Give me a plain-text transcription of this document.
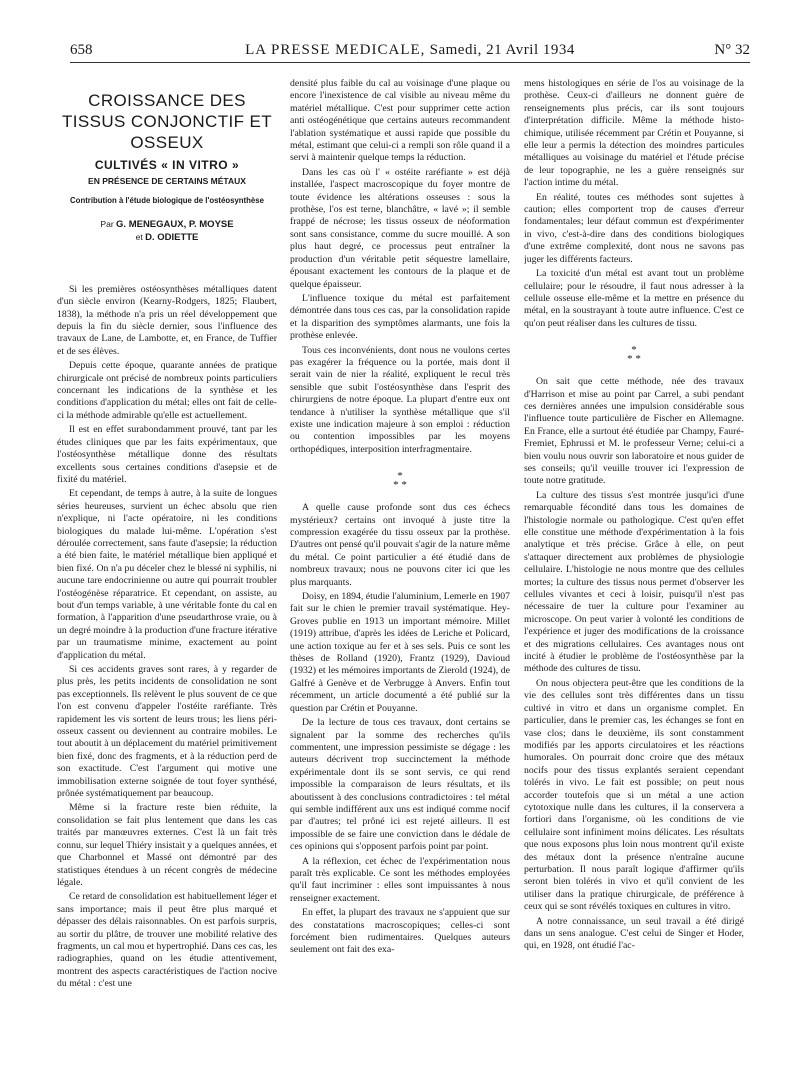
658	LA PRESSE MEDICALE, Samedi, 21 Avril 1934	N° 32
CROISSANCE DES TISSUS CONJONCTIF ET OSSEUX
CULTIVÉS « IN VITRO »
EN PRÉSENCE DE CERTAINS MÉTAUX
Contribution à l'étude biologique de l'ostéosynthèse
Par G. MENEGAUX, P. MOYSE
et D. ODIETTE

Si les premières ostéosynthèses métalliques datent d'un siècle environ (Kearny-Rodgers, 1825; Flaubert, 1838), la méthode n'a pris un réel développement que depuis la fin du siècle dernier, sous l'influence des travaux de Lane, de Lambotte, et, en France, de Tuffier et de ses élèves.

Depuis cette époque, quarante années de pratique chirurgicale ont précisé de nombreux points particuliers concernant les indications de la synthèse et les conditions d'application du métal; elles ont fait de celle-ci la méthode admirable qu'elle est actuellement.

Il est en effet surabondamment prouvé, tant par les études cliniques que par les faits expérimentaux, que l'ostéosynthèse métallique donne des résultats excellents sous certaines conditions d'asepsie et de fixité du matériel.

Et cependant, de temps à autre, à la suite de longues séries heureuses, survient un échec absolu que rien n'explique, ni l'acte opératoire, ni les conditions biologiques du malade lui-même. L'opération s'est déroulée correctement, sans faute d'asepsie; la réduction a été bien faite, le matériel métallique bien appliqué et bien fixé. On n'a pu déceler chez le blessé ni syphilis, ni aucune tare endocrinienne ou autre qui pourrait troubler l'ostéogénèse réparatrice. Et cependant, on assiste, au bout d'un temps variable, à une véritable fonte du cal en formation, à l'apparition d'une pseudarthrose vraie, ou à un degré moindre à la production d'une fracture itérative par un traumatisme minime, exactement au point d'application du métal.

Si ces accidents graves sont rares, à y regarder de plus près, les petits incidents de consolidation ne sont pas exceptionnels. Ils relèvent le plus souvent de ce que l'on est convenu d'appeler l'ostéite raréfiante. Très rapidement les vis sortent de leurs trous; les liens péri-osseux cassent ou deviennent au contraire mobiles. Le tout aboutit à un déplacement du matériel primitivement bien fixé, donc des fragments, et à la réduction perd de son exactitude. C'est l'argument qui motive une immobilisation externe soignée de tout foyer synthésé, prônée systématiquement par beaucoup.

Même si la fracture reste bien réduite, la consolidation se fait plus lentement que dans les cas traités par manœuvres externes. C'est là un fait très connu, sur lequel Thiéry insistait y a quelques années, et que Charbonnel et Massé ont démontré par des statistiques étendues à un récent congrès de médecine légale.

Ce retard de consolidation est habituellement léger et sans importance; mais il peut être plus marqué et dépasser des délais raisonnables. On est parfois surpris, au sortir du plâtre, de trouver une mobilité relative des fragments, un cal mou et hypertrophié. Dans ces cas, les radiographies, quand on les étudie attentivement, montrent des aspects caractéristiques de l'action nocive du métal : c'est une

densité plus faible du cal au voisinage d'une plaque ou encore l'inexistence de cal visible au niveau même du matériel métallique. C'est pour supprimer cette action anti ostéogénétique que certains auteurs recommandent l'ablation systématique et aussi rapide que possible du métal, estimant que celui-ci a rempli son rôle quand il a servi à maintenir quelque temps la réduction.

Dans les cas où l' « ostéite raréfiante » est déjà installée, l'aspect macroscopique du foyer montre de toute évidence les altérations osseuses : sous la prothèse, l'os est terne, blanchâtre, « lavé »; il semble frappé de nécrose; les tissus osseux de néoformation sont sans consistance, comme du sucre mouillé. A son plus haut degré, ce processus peut entraîner la production d'un véritable petit séquestre lamellaire, épousant exactement les contours de la plaque et de quelque épaisseur.

L'influence toxique du métal est parfaitement démontrée dans tous ces cas, par la consolidation rapide et la disparition des symptômes alarmants, une fois la prothèse enlevée.

Tous ces inconvénients, dont nous ne voulons certes pas exagérer la fréquence ou la portée, mais dont il serait vain de nier la réalité, expliquent le recul très sensible que subit l'ostéosynthèse dans l'esprit des chirurgiens de notre époque. La plupart d'entre eux ont tendance à n'utiliser la synthèse métallique que s'il existe une indication majeure à son emploi : réduction ou contention impossibles par les moyens orthopédiques, interposition interfragmentaire.

*
* *

A quelle cause profonde sont dus ces échecs mystérieux? certains ont invoqué à juste titre la compression exagérée du tissu osseux par la prothèse. D'autres ont pensé qu'il pouvait s'agir de la nature même du métal. Ce point particulier a été étudié dans de nombreux travaux; nous ne pouvons citer ici que les plus marquants.

Doisy, en 1894, étudie l'aluminium, Lemerle en 1907 fait sur le chien le premier travail systématique. Hey-Groves publie en 1913 un important mémoire. Millet (1919) attribue, d'après les idées de Leriche et Policard, une action toxique au fer et à ses sels. Puis ce sont les thèses de Rolland (1920), Frantz (1929), Davioud (1932) et les mémoires importants de Zierold (1924), de Galfré à Genève et de Verbrugge à Anvers. Enfin tout récemment, un article documenté a été publié sur la question par Crétin et Pouyanne.

De la lecture de tous ces travaux, dont certains se signalent par la somme des recherches qu'ils commentent, une impression pessimiste se dégage : les auteurs décrivent trop succinctement la méthode expérimentale dont ils se sont servis, ce qui rend impossible la comparaison de leurs résultats, et ils aboutissent à des conclusions contradictoires : tel métal qui semble indifférent aux uns est indiqué comme nocif par d'autres; tel prôné ici est rejeté ailleurs. Il est impossible de se faire une conviction dans le dédale de ces opinions qui s'opposent parfois point par point.

A la réflexion, cet échec de l'expérimentation nous paraît très explicable. Ce sont les méthodes employées qu'il faut incriminer : elles sont impuissantes à nous renseigner exactement.

En effet, la plupart des travaux ne s'appuient que sur des constatations macroscopiques; celles-ci sont forcément bien rudimentaires. Quelques auteurs seulement ont fait des exa-

mens histologiques en série de l'os au voisinage de la prothèse. Ceux-ci d'ailleurs ne donnent guère de renseignements plus précis, car ils sont toujours d'interprétation difficile. Même la méthode histo-chimique, utilisée récemment par Crétin et Pouyanne, si elle leur a permis la détection des moindres particules métalliques au voisinage du matériel et l'étude précise de leur topographie, ne les a guère renseignés sur l'action intime du métal.

En réalité, toutes ces méthodes sont sujettes à caution; elles comportent trop de causes d'erreur fondamentales; leur défaut commun est d'expérimenter in vivo, c'est-à-dire dans des conditions biologiques d'une extrême complexité, dont nous ne savons pas juger les différents facteurs.

La toxicité d'un métal est avant tout un problème cellulaire; pour le résoudre, il faut nous adresser à la cellule osseuse elle-même et la mettre en présence du métal, en la soustrayant à toute autre influence. C'est ce qu'on peut réaliser dans les cultures de tissu.

*
* *

On sait que cette méthode, née des travaux d'Harrison et mise au point par Carrel, a subi pendant ces dernières années une impulsion considérable sous l'influence toute particulière de Fischer en Allemagne. En France, elle a surtout été étudiée par Champy, Fauré-Fremiet, Ephrussi et M. le professeur Verne; celui-ci a bien voulu nous ouvrir son laboratoire et nous guider de ses conseils; qu'il veuille trouver ici l'expression de toute notre gratitude.

La culture des tissus s'est montrée jusqu'ici d'une remarquable fécondité dans tous les domaines de l'histologie normale ou pathologique. C'est qu'en effet elle constitue une méthode d'expérimentation à la fois analytique et très précise. Grâce à elle, on peut s'attaquer directement aux problèmes de physiologie cellulaire. L'histologie ne nous montre que des cellules mortes; la culture des tissus nous permet d'observer les cellules vivantes et ceci à loisir, puisqu'il n'est pas nécessaire de tuer la culture pour l'examiner au microscope. On peut varier à volonté les conditions de l'expérience et juger des modifications de la croissance et des migrations cellulaires. Ces avantages nous ont incité à étudier le problème de l'ostéosynthèse par la méthode des cultures de tissu.

On nous objectera peut-être que les conditions de la vie des cellules sont très différentes dans un tissu cultivé in vitro et dans un organisme complet. En particulier, dans le premier cas, les échanges se font en vase clos; dans le deuxième, ils sont constamment modifiés par les apports circulatoires et les réactions humorales. On pourrait donc croire que des métaux nocifs pour des tissus explantés seraient cependant tolérés in vivo. Le fait est possible; on peut nous accorder toutefois que si un métal a une action cytotoxique nulle dans les cultures, il la conservera a fortiori dans l'organisme, où les conditions de vie cellulaire sont infiniment moins délicates. Les résultats que nous exposons plus loin nous montrent qu'il existe des métaux dont la présence n'entraîne aucune perturbation. Il nous paraît logique d'affirmer qu'ils seront bien tolérés in vivo et qu'il convient de les utiliser dans la pratique chirurgicale, de préférence à ceux qui se sont révélés toxiques en cultures in vitro.

A notre connaissance, un seul travail a été dirigé dans un sens analogue. C'est celui de Singer et Hoder, qui, en 1928, ont étudié l'ac-
